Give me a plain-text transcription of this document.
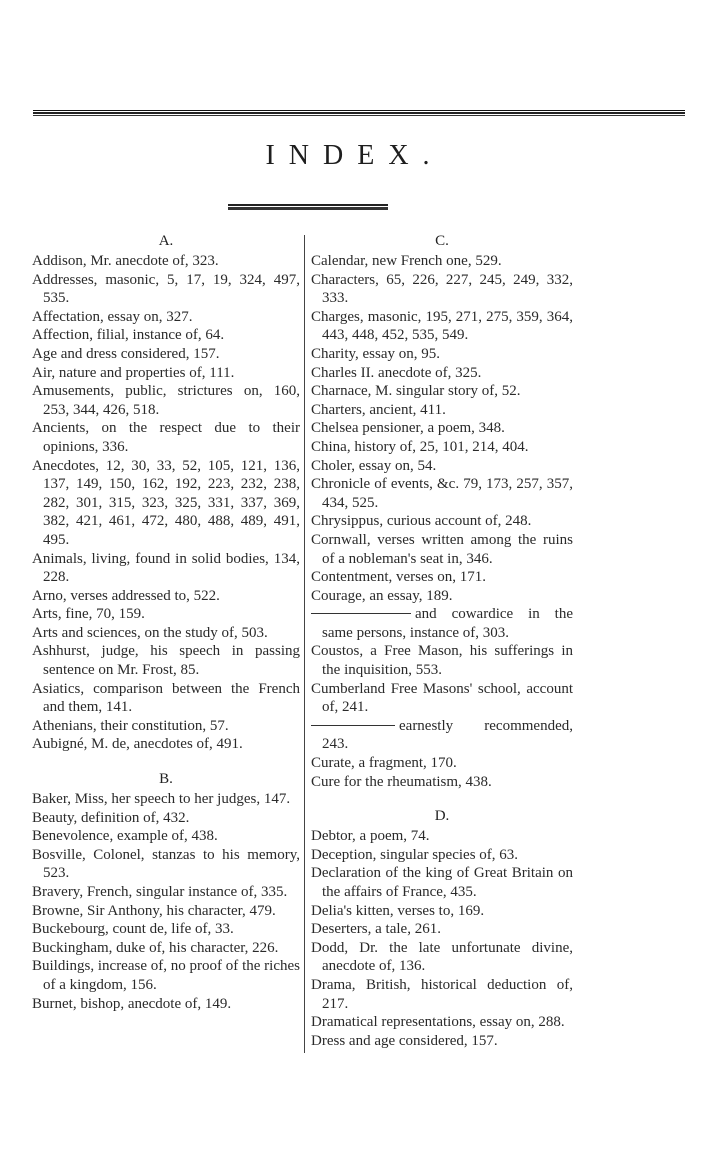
INDEX.
A.
Addison, Mr. anecdote of, 323.
Addresses, masonic, 5, 17, 19, 324, 497, 535.
Affectation, essay on, 327.
Affection, filial, instance of, 64.
Age and dress considered, 157.
Air, nature and properties of, 111.
Amusements, public, strictures on, 160, 253, 344, 426, 518.
Ancients, on the respect due to their opinions, 336.
Anecdotes, 12, 30, 33, 52, 105, 121, 136, 137, 149, 150, 162, 192, 223, 232, 238, 282, 301, 315, 323, 325, 331, 337, 369, 382, 421, 461, 472, 480, 488, 489, 491, 495.
Animals, living, found in solid bodies, 134, 228.
Arno, verses addressed to, 522.
Arts, fine, 70, 159.
Arts and sciences, on the study of, 503.
Ashhurst, judge, his speech in passing sentence on Mr. Frost, 85.
Asiatics, comparison between the French and them, 141.
Athenians, their constitution, 57.
Aubigné, M. de, anecdotes of, 491.
B.
Baker, Miss, her speech to her judges, 147.
Beauty, definition of, 432.
Benevolence, example of, 438.
Bosville, Colonel, stanzas to his memory, 523.
Bravery, French, singular instance of, 335.
Browne, Sir Anthony, his character, 479.
Buckebourg, count de, life of, 33.
Buckingham, duke of, his character, 226.
Buildings, increase of, no proof of the riches of a kingdom, 156.
Burnet, bishop, anecdote of, 149.
C.
Calendar, new French one, 529.
Characters, 65, 226, 227, 245, 249, 332, 333.
Charges, masonic, 195, 271, 275, 359, 364, 443, 448, 452, 535, 549.
Charity, essay on, 95.
Charles II. anecdote of, 325.
Charnace, M. singular story of, 52.
Charters, ancient, 411.
Chelsea pensioner, a poem, 348.
China, history of, 25, 101, 214, 404.
Choler, essay on, 54.
Chronicle of events, &c. 79, 173, 257, 357, 434, 525.
Chrysippus, curious account of, 248.
Cornwall, verses written among the ruins of a nobleman's seat in, 346.
Contentment, verses on, 171.
Courage, an essay, 189.
and cowardice in the same persons, instance of, 303.
Coustos, a Free Mason, his sufferings in the inquisition, 553.
Cumberland Free Masons' school, account of, 241.
earnestly recommended, 243.
Curate, a fragment, 170.
Cure for the rheumatism, 438.
D.
Debtor, a poem, 74.
Deception, singular species of, 63.
Declaration of the king of Great Britain on the affairs of France, 435.
Delia's kitten, verses to, 169.
Deserters, a tale, 261.
Dodd, Dr. the late unfortunate divine, anecdote of, 136.
Drama, British, historical deduction of, 217.
Dramatical representations, essay on, 288.
Dress and age considered, 157.
